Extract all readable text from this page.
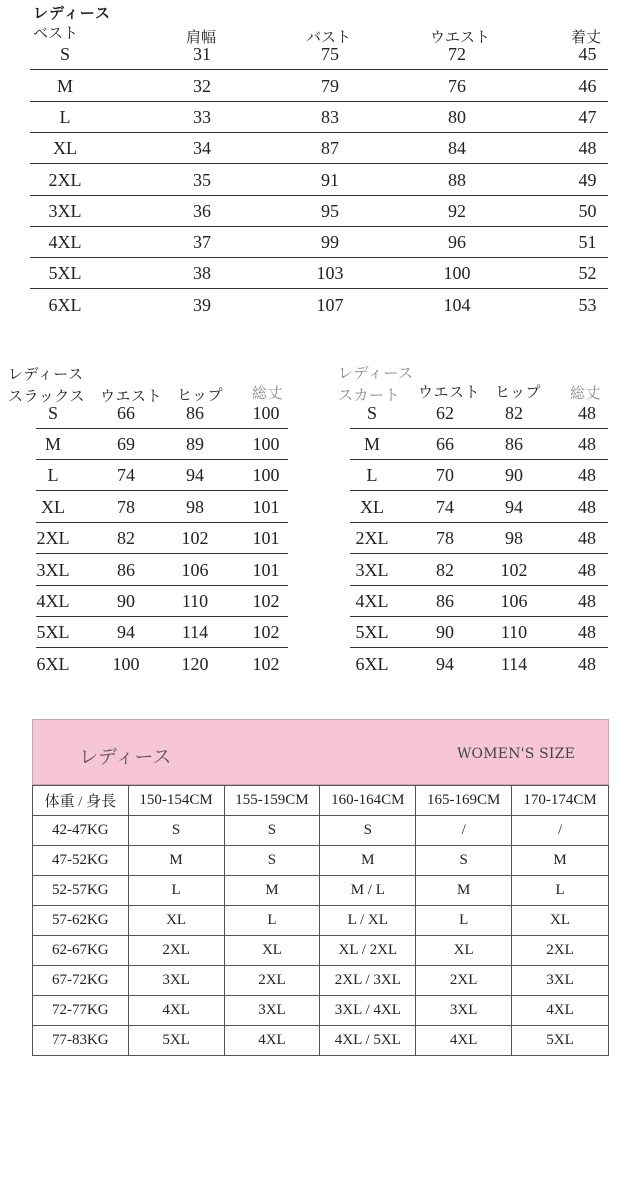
レディース
ベスト	肩幅	バスト	ウエスト	着丈
S	31	75	72	45
M	32	79	76	46
L	33	83	80	47
XL	34	87	84	48
2XL	35	91	88	49
3XL	36	95	92	50
4XL	37	99	96	51
5XL	38	103	100	52
6XL	39	107	104	53
レディース
スラックス ウエスト ヒップ 総丈
S	66	86	100
M	69	89	100
L	74	94	100
XL	78	98	101
2XL	82	102	101
3XL	86	106	101
4XL	90	110	102
5XL	94	114	102
6XL	100	120	102
レディース
スカート ウエスト ヒップ 総丈
S	62	82	48
M	66	86	48
L	70	90	48
XL	74	94	48
2XL	78	98	48
3XL	82	102	48
4XL	86	106	48
5XL	90	110	48
6XL	94	114	48
レディース	WOMEN'S SIZE
体重 / 身長	150-154CM	155-159CM	160-164CM	165-169CM	170-174CM
42-47KG	S	S	S	/	/
47-52KG	M	S	M	S	M
52-57KG	L	M	M / L	M	L
57-62KG	XL	L	L / XL	L	XL
62-67KG	2XL	XL	XL / 2XL	XL	2XL
67-72KG	3XL	2XL	2XL / 3XL	2XL	3XL
72-77KG	4XL	3XL	3XL / 4XL	3XL	4XL
77-83KG	5XL	4XL	4XL / 5XL	4XL	5XL
